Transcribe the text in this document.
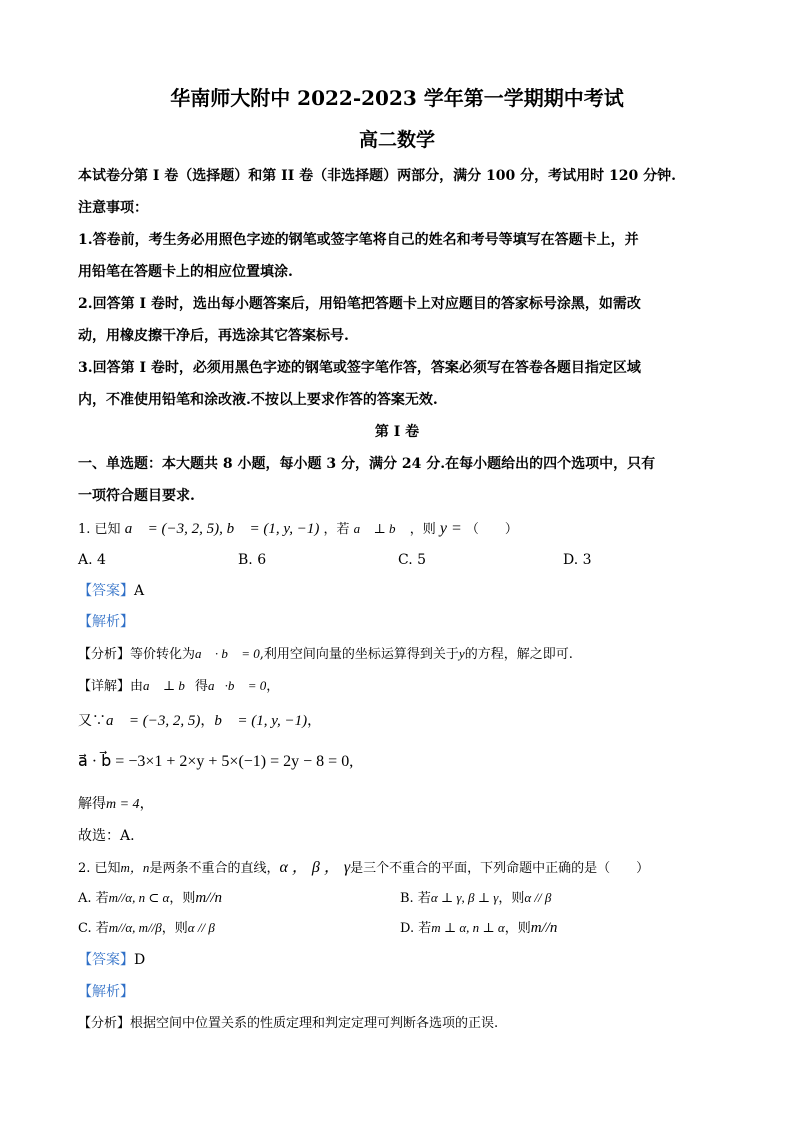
华南师大附中 2022-2023 学年第一学期期中考试
高二数学
本试卷分第 I 卷（选择题）和第 II 卷（非选择题）两部分，满分 100 分，考试用时 120 分钟.
注意事项：
1.答卷前，考生务必用照色字迹的钢笔或签字笔将自己的姓名和考号等填写在答题卡上，并
用铅笔在答题卡上的相应位置填涂.
2.回答第 I 卷时，选出每小题答案后，用铅笔把答题卡上对应题目的答家标号涂黑，如需改
动，用橡皮擦干净后，再选涂其它答案标号.
3.回答第 I 卷时，必须用黑色字迹的钢笔或签字笔作答，答案必须写在答卷各题目指定区域
内，不准使用铅笔和涂改液.不按以上要求作答的答案无效.
第 I 卷
一、单选题：本大题共 8 小题，每小题 3 分，满分 24 分.在每小题给出的四个选项中，只有
一项符合题目要求.
1. 已知 a⃗ = (−3, 2, 5), b⃗ = (1, y, −1) ，若 a⃗ ⊥ b⃗ ，则 y = （　　）
A. 4	B. 6	C. 5	D. 3
【答案】A
【解析】
【分析】等价转化为a⃗ · b⃗ = 0,利用空间向量的坐标运算得到关于y的方程，解之即可.
【详解】由a⃗ ⊥ b⃗得a⃗·b⃗ = 0，
又∵a⃗ = (−3, 2, 5)，b⃗ = (1, y, −1)，
a⃗ · b⃗ = −3×1 + 2×y + 5×(−1) = 2y − 8 = 0,
解得m = 4，
故选：A.
2. 已知m，n是两条不重合的直线，α ， β ， γ是三个不重合的平面，下列命题中正确的是（　　）
A. 若m//α, n ⊂ α，则m//n	B. 若α ⊥ γ, β ⊥ γ，则α // β
C. 若m//α, m//β，则α // β	D. 若m ⊥ α, n ⊥ α，则m//n
【答案】D
【解析】
【分析】根据空间中位置关系的性质定理和判定定理可判断各选项的正误.
